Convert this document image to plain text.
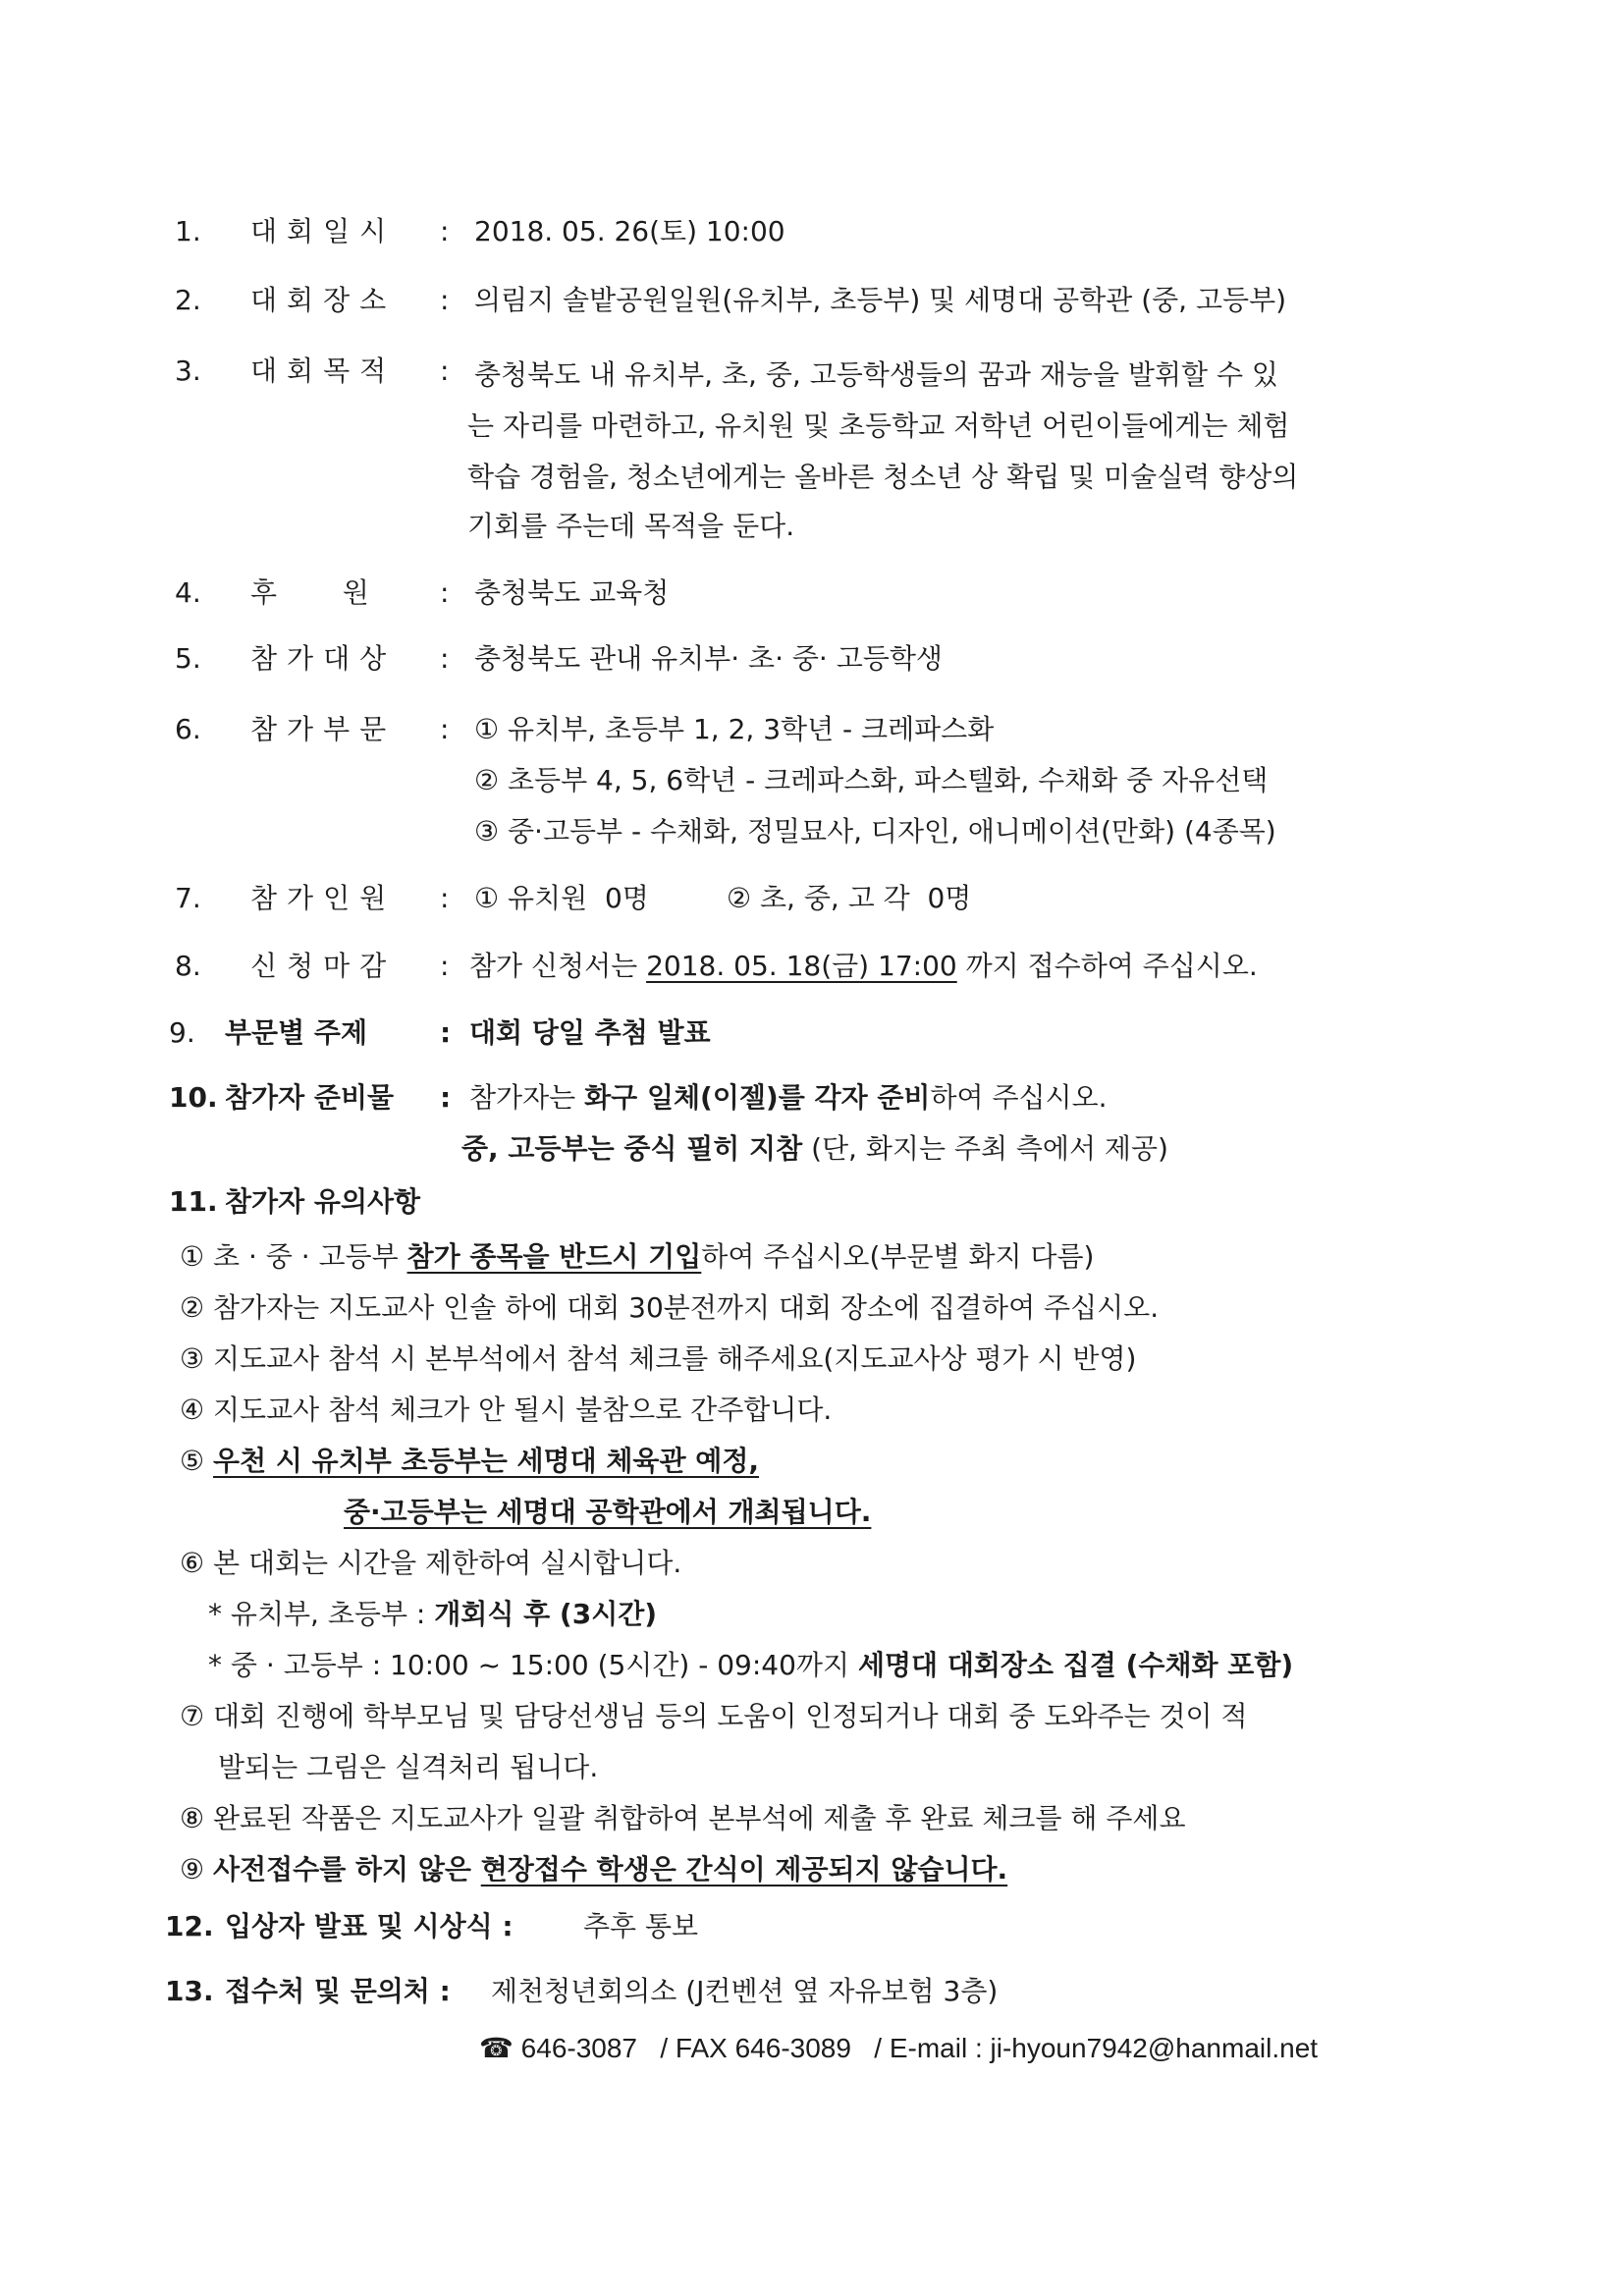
1. 대회일시 : 2018. 05. 26(토) 10:00
2. 대회장소 : 의림지 솔밭공원일원(유치부, 초등부) 및 세명대 공학관 (중, 고등부)
3. 대회목적 : 충청북도 내 유치부, 초, 중, 고등학생들의 꿈과 재능을 발휘할 수 있
는 자리를 마련하고, 유치원 및 초등학교 저학년 어린이들에게는 체험
학습 경험을, 청소년에게는 올바른 청소년 상 확립 및 미술실력 향상의
기회를 주는데 목적을 둔다.
4. 후   원 : 충청북도 교육청
5. 참가대상 : 충청북도 관내 유치부· 초· 중· 고등학생
6. 참가부문 : ① 유치부, 초등부 1, 2, 3학년 - 크레파스화
② 초등부 4, 5, 6학년 - 크레파스화, 파스텔화, 수채화 중 자유선택
③ 중·고등부 - 수채화, 정밀묘사, 디자인, 애니메이션(만화) (4종목)
7. 참가인원 : ① 유치원  0명	② 초, 중, 고 각  0명
8. 신청마감 : 참가 신청서는 2018. 05. 18(금) 17:00 까지 접수하여 주십시오.
9. 부문별 주제	: 대회 당일 추첨 발표
10. 참가자 준비물 : 참가자는 화구 일체(이젤)를 각자 준비하여 주십시오.
중, 고등부는 중식 필히 지참 (단, 화지는 주최 측에서 제공)
11. 참가자 유의사항
① 초 · 중 · 고등부 참가 종목을 반드시 기입하여 주십시오(부문별 화지 다름)
② 참가자는 지도교사 인솔 하에 대회 30분전까지 대회 장소에 집결하여 주십시오.
③ 지도교사 참석 시 본부석에서 참석 체크를 해주세요(지도교사상 평가 시 반영)
④ 지도교사 참석 체크가 안 될시 불참으로 간주합니다.
⑤ 우천 시 유치부 초등부는 세명대 체육관 예정,
중·고등부는 세명대 공학관에서 개최됩니다.
⑥ 본 대회는 시간을 제한하여 실시합니다.
* 유치부, 초등부 : 개회식 후 (3시간)
* 중 · 고등부 : 10:00 ~ 15:00 (5시간) - 09:40까지 세명대 대회장소 집결 (수채화 포함)
⑦ 대회 진행에 학부모님 및 담당선생님 등의 도움이 인정되거나 대회 중 도와주는 것이 적
발되는 그림은 실격처리 됩니다.
⑧ 완료된 작품은 지도교사가 일괄 취합하여 본부석에 제출 후 완료 체크를 해 주세요
⑨ 사전접수를 하지 않은 현장접수 학생은 간식이 제공되지 않습니다.
12. 입상자 발표 및 시상식 :	추후 통보
13. 접수처 및 문의처 : 제천청년회의소 (J컨벤션 옆 자유보험 3층)
☎ 646-3087 / FAX 646-3089 / E-mail : ji-hyoun7942@hanmail.net
